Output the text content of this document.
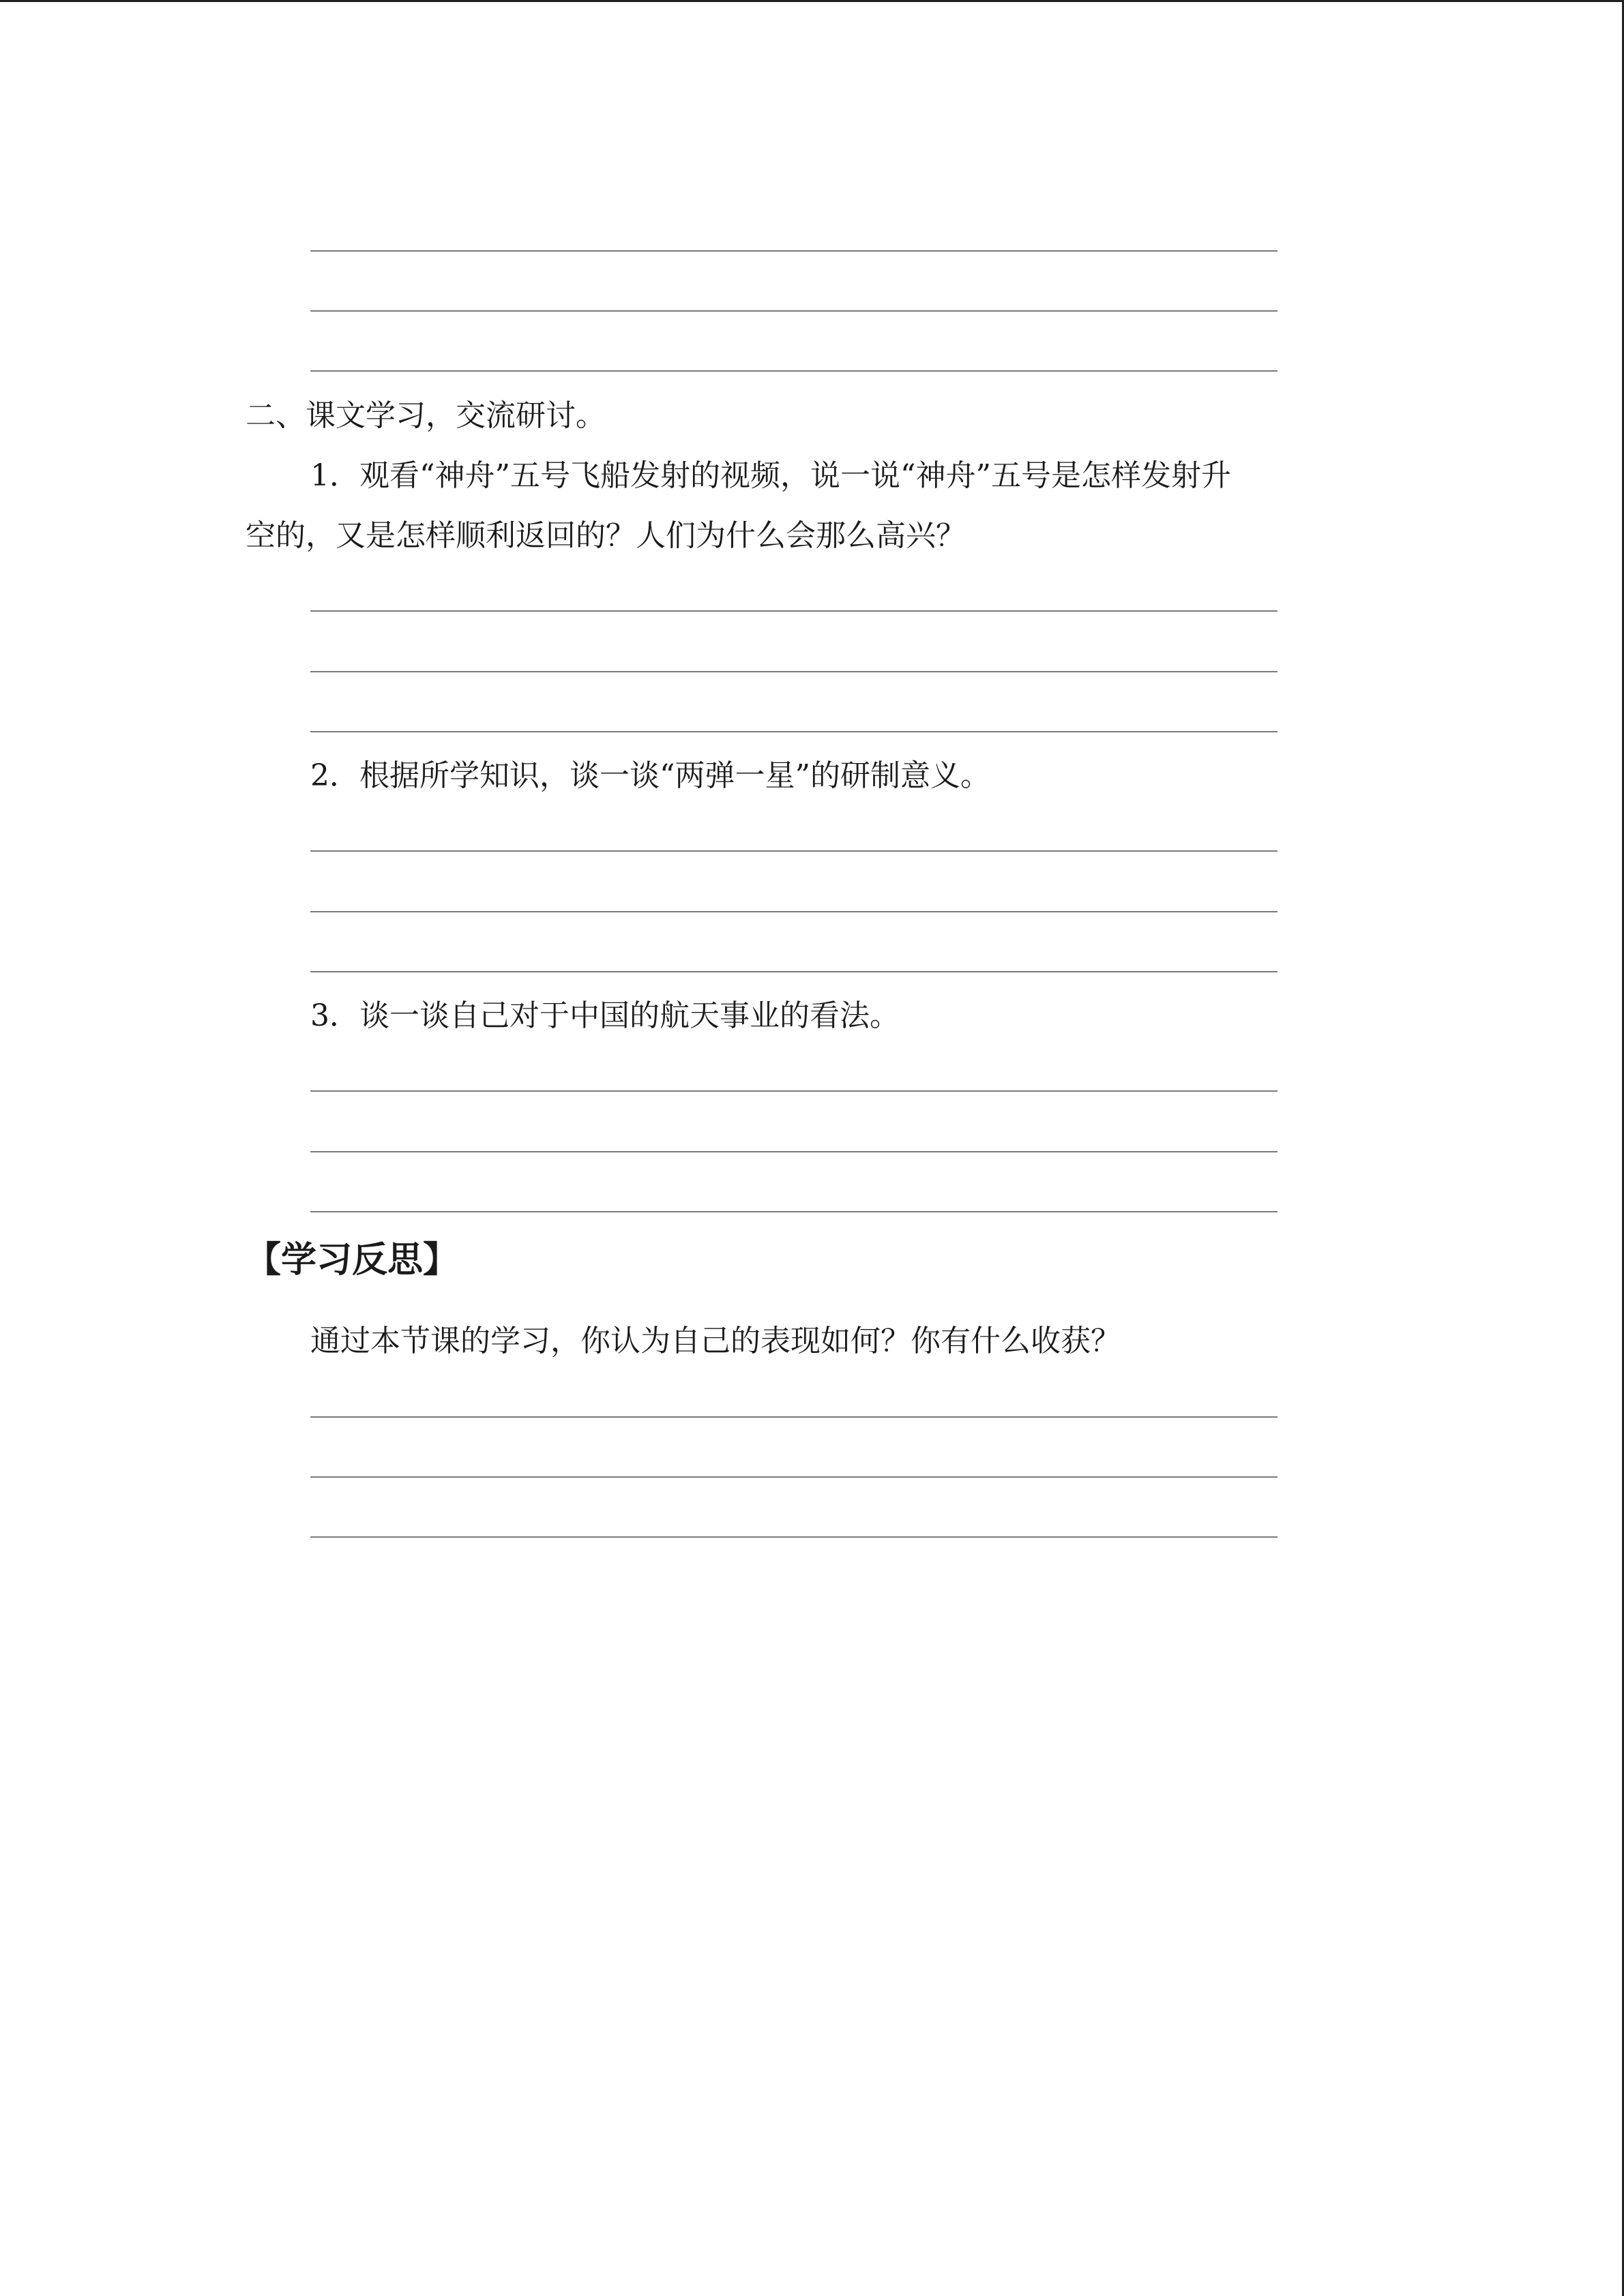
二、课文学习，交流研讨。
1．观看“神舟”五号飞船发射的视频，说一说“神舟”五号是怎样发射升
空的，又是怎样顺利返回的？人们为什么会那么高兴？
2．根据所学知识，谈一谈“两弹一星”的研制意义。
3．谈一谈自己对于中国的航天事业的看法。
【学习反思】
通过本节课的学习，你认为自己的表现如何？你有什么收获？
